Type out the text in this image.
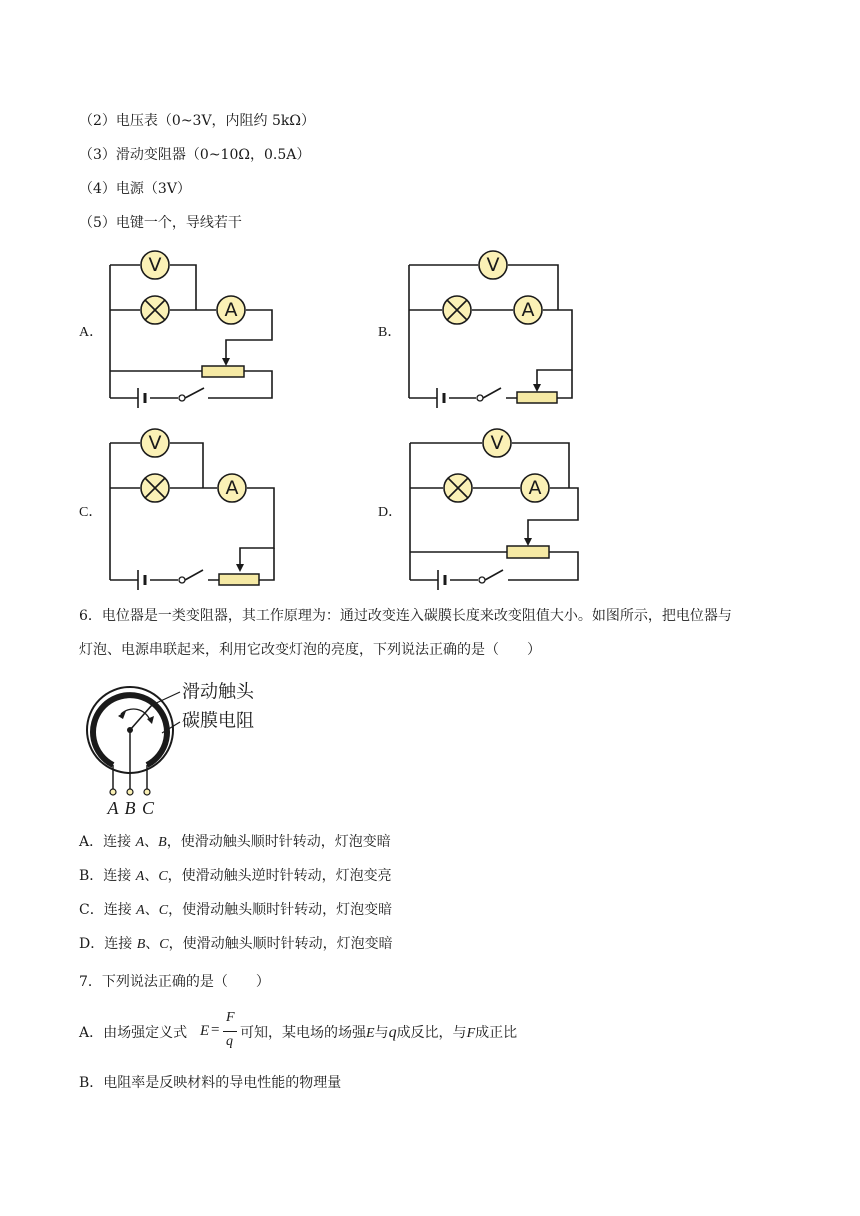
（2）电压表（0~3V，内阻约 5kΩ）
（3）滑动变阻器（0~10Ω，0.5A）
（4）电源（3V）
（5）电键一个，导线若干
A．	B．
C．	D．
V
A
V
A
V
A
V
A
6．电位器是一类变阻器，其工作原理为：通过改变连入碳膜长度来改变阻值大小。如图所示，把电位器与
灯泡、电源串联起来，利用它改变灯泡的亮度，下列说法正确的是（　　）
滑动触头
碳膜电阻
A B C
A．连接 A、B，使滑动触头顺时针转动，灯泡变暗
B．连接 A、C，使滑动触头逆时针转动，灯泡变亮
C．连接 A、C，使滑动触头顺时针转动，灯泡变暗
D．连接 B、C，使滑动触头顺时针转动，灯泡变暗
7．下列说法正确的是（　　）
A．由场强定义式 E =
F
q
可知，某电场的场强E与q成反比，与F成正比
B．电阻率是反映材料的导电性能的物理量
